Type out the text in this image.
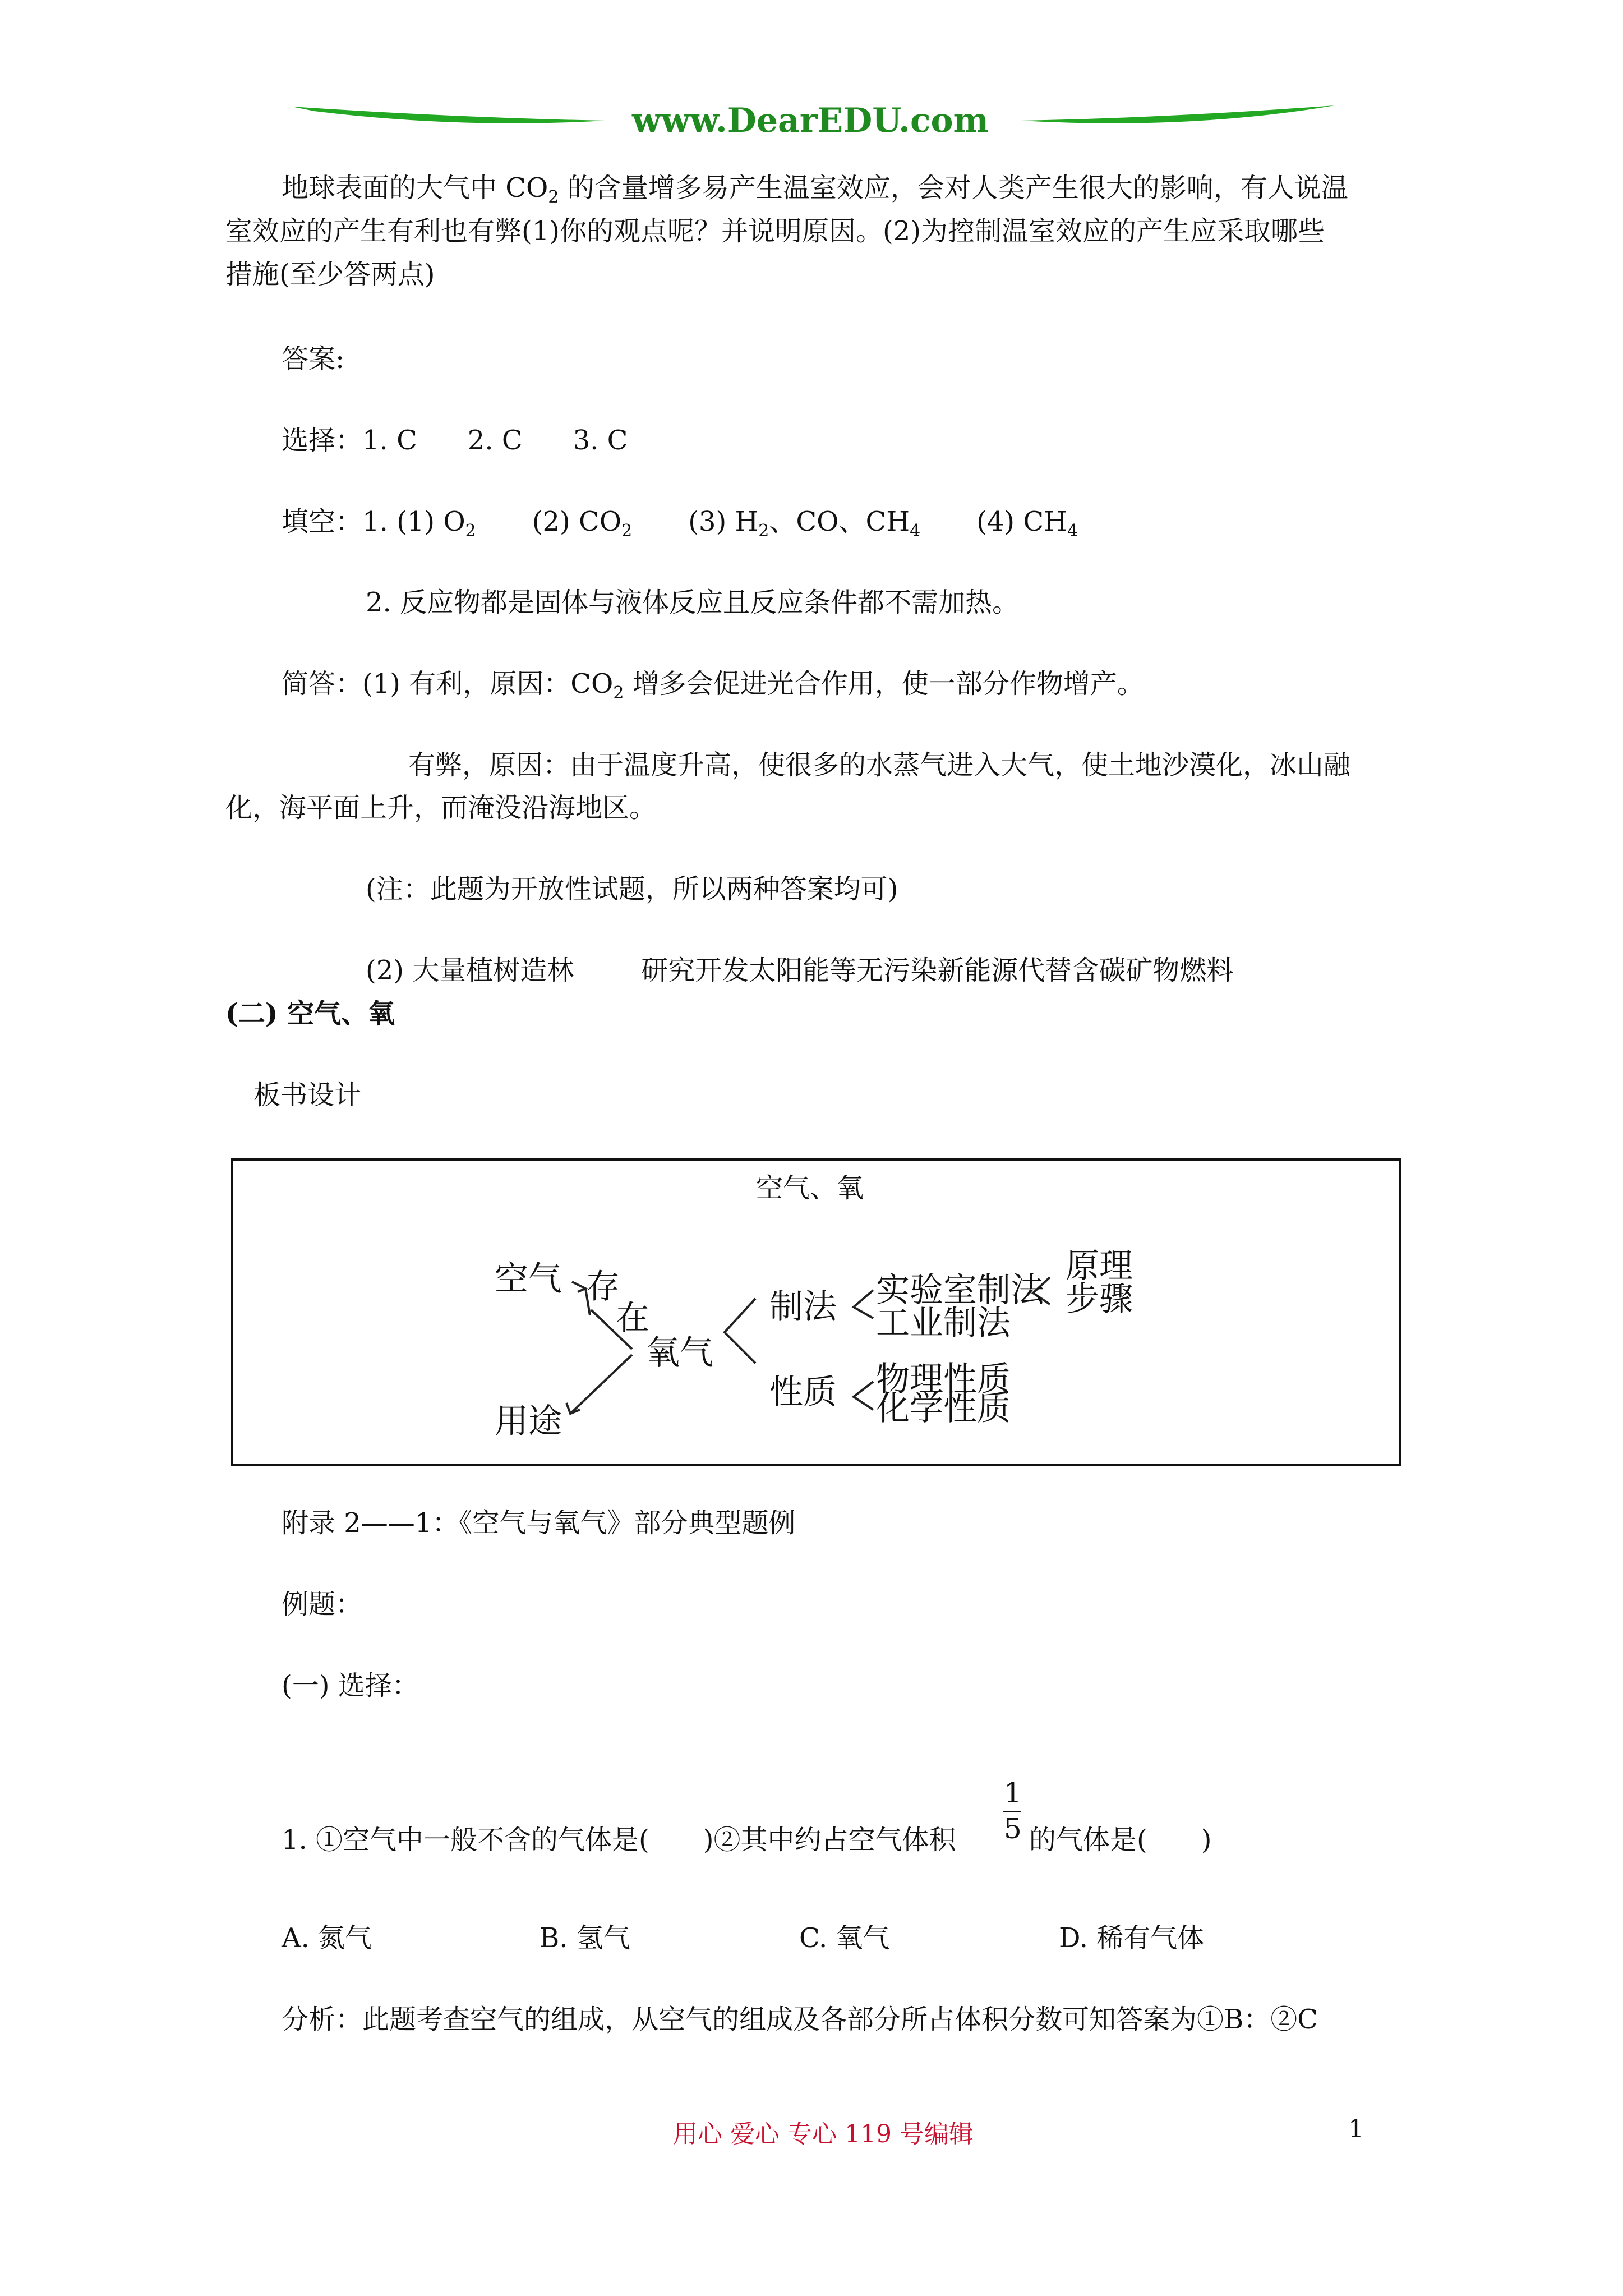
www.DearEDU.com
地球表面的大气中 $CO_2$ 的含量增多易产生温室效应，会对人类产生很大的影响，有人说温
室效应的产生有利也有弊(1)你的观点呢？并说明原因。(2)为控制温室效应的产生应采取哪些
措施(至少答两点)
答案:
选择：1. C 2. C 3. C
填空：1. (1) $O_2$ (2) $CO_2$ (3) $H_2$、CO、$CH_4$ (4) $CH_4$
2. 反应物都是固体与液体反应且反应条件都不需加热。
简答：(1) 有利，原因：$CO_2$ 增多会促进光合作用，使一部分作物增产。
有弊，原因：由于温度升高，使很多的水蒸气进入大气，使土地沙漠化，冰山融
化，海平面上升，而淹没沿海地区。
(注：此题为开放性试题，所以两种答案均可)
(2) 大量植树造林	研究开发太阳能等无污染新能源代替含碳矿物燃料
(二) 空气、氧
板书设计
空气、氧
空气 存
在
用途
氧气
制法
性质
实验室制法
工业制法
原理
步骤
物理性质
化学性质
附录 2——1：《空气与氧气》部分典型题例
例题：
(一) 选择：
1. ①空气中一般不含的气体是(　　)②其中约占空气体积
1
5 的气体是(　　)
A. 氮气	B. 氢气	C. 氧气	D. 稀有气体
分析：此题考查空气的组成，从空气的组成及各部分所占体积分数可知答案为①B：②C
用心 爱心 专心 119 号编辑	1
